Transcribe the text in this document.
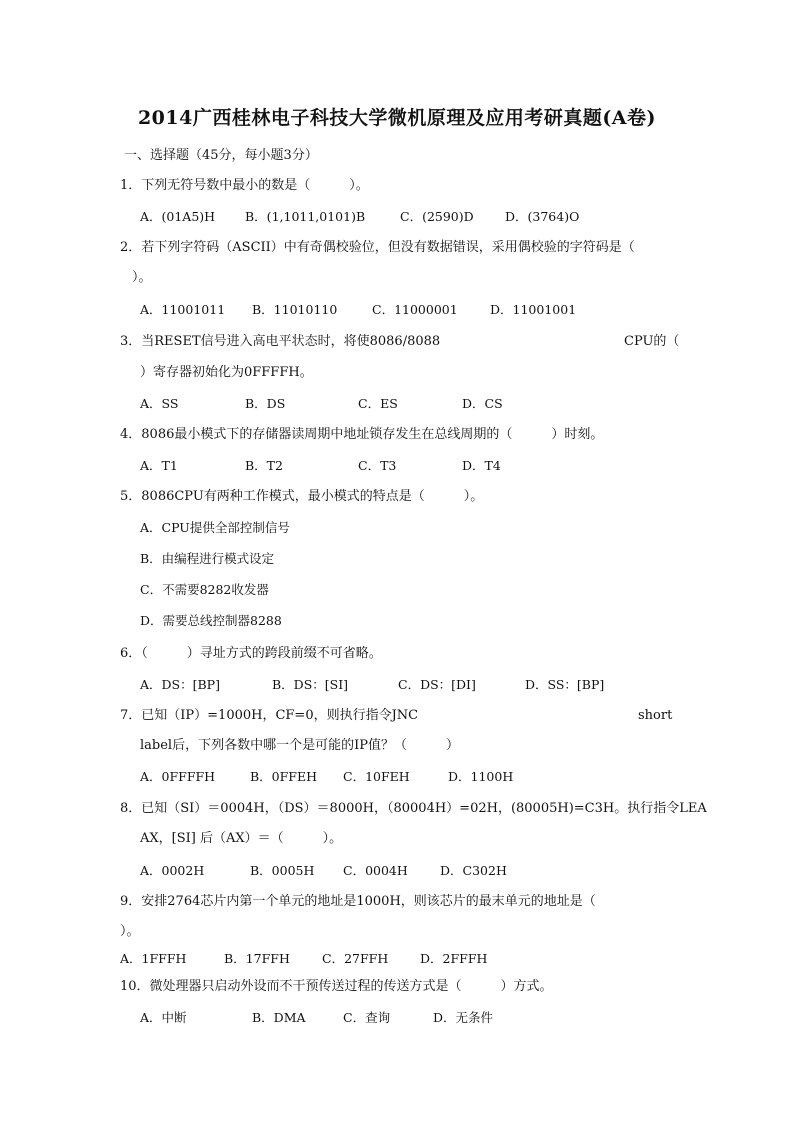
2014广西桂林电子科技大学微机原理及应用考研真题(A卷)
一、选择题（45分，每小题3分）
1．下列无符号数中最小的数是（　　　）。
A．(01A5)H B．(1,1011,0101)B	C．(2590)D	D．(3764)O
2．若下列字符码（ASCII）中有奇偶校验位，但没有数据错误，采用偶校验的字符码是（
）。
A．11001011 B．11010110	C．11000001	D．11001001
3．当RESET信号进入高电平状态时，将使8086/8088	CPU的（
）寄存器初始化为0FFFFH。
A．SS	B．DS	C．ES	D．CS
4．8086最小模式下的存储器读周期中地址锁存发生在总线周期的（　　　）时刻。
A．T1	B．T2	C．T3	D．T4
5．8086CPU有两种工作模式，最小模式的特点是（　　　）。
A．CPU提供全部控制信号
B．由编程进行模式设定
C．不需要8282收发器
D．需要总线控制器8288
6．（　　　）寻址方式的跨段前缀不可省略。
A．DS：[BP]	B．DS：[SI]	C．DS：[DI]	D．SS：[BP]
7．已知（IP）=1000H，CF=0，则执行指令JNC	short
label后，下列各数中哪一个是可能的IP值？（　　　）
A．0FFFFH	B．0FFEH C．10FEH	D．1100H
8．已知（SI）＝0004H，（DS）＝8000H，（80004H）=02H，(80005H)=C3H。执行指令LEA
AX，[SI] 后（AX）＝（　　　）。
A．0002H	B．0005H C．0004H	D．C302H
9．安排2764芯片内第一个单元的地址是1000H，则该芯片的最末单元的地址是（
）。
A．1FFFH	B．17FFH	C．27FFH	D．2FFFH
10．微处理器只启动外设而不干预传送过程的传送方式是（　　　）方式。
A．中断	B．DMA	C．查询	D．无条件
